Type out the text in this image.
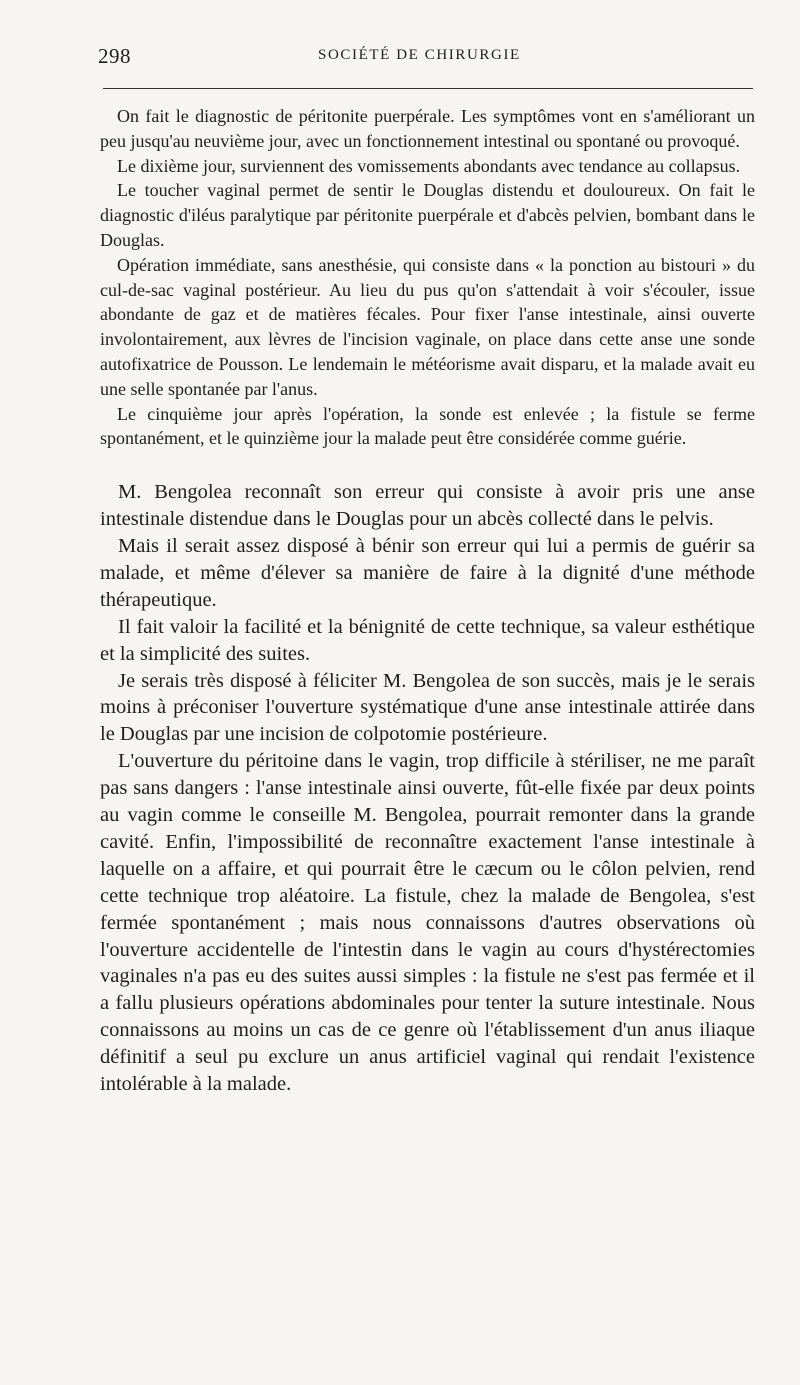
298	SOCIÉTÉ DE CHIRURGIE

On fait le diagnostic de péritonite puerpérale. Les symptômes vont en s'améliorant un peu jusqu'au neuvième jour, avec un fonctionnement intestinal ou spontané ou provoqué.

Le dixième jour, surviennent des vomissements abondants avec tendance au collapsus.

Le toucher vaginal permet de sentir le Douglas distendu et douloureux. On fait le diagnostic d'iléus paralytique par péritonite puerpérale et d'abcès pelvien, bombant dans le Douglas.

Opération immédiate, sans anesthésie, qui consiste dans « la ponction au bistouri » du cul-de-sac vaginal postérieur. Au lieu du pus qu'on s'attendait à voir s'écouler, issue abondante de gaz et de matières fécales. Pour fixer l'anse intestinale, ainsi ouverte involontairement, aux lèvres de l'incision vaginale, on place dans cette anse une sonde autofixatrice de Pousson. Le lendemain le météorisme avait disparu, et la malade avait eu une selle spontanée par l'anus.

Le cinquième jour après l'opération, la sonde est enlevée ; la fistule se ferme spontanément, et le quinzième jour la malade peut être considérée comme guérie.

M. Bengolea reconnaît son erreur qui consiste à avoir pris une anse intestinale distendue dans le Douglas pour un abcès collecté dans le pelvis.

Mais il serait assez disposé à bénir son erreur qui lui a permis de guérir sa malade, et même d'élever sa manière de faire à la dignité d'une méthode thérapeutique.

Il fait valoir la facilité et la bénignité de cette technique, sa valeur esthétique et la simplicité des suites.

Je serais très disposé à féliciter M. Bengolea de son succès, mais je le serais moins à préconiser l'ouverture systématique d'une anse intestinale attirée dans le Douglas par une incision de colpotomie postérieure.

L'ouverture du péritoine dans le vagin, trop difficile à stériliser, ne me paraît pas sans dangers : l'anse intestinale ainsi ouverte, fût-elle fixée par deux points au vagin comme le conseille M. Bengolea, pourrait remonter dans la grande cavité. Enfin, l'impossibilité de reconnaître exactement l'anse intestinale à laquelle on a affaire, et qui pourrait être le cæcum ou le côlon pelvien, rend cette technique trop aléatoire. La fistule, chez la malade de Bengolea, s'est fermée spontanément ; mais nous connaissons d'autres observations où l'ouverture accidentelle de l'intestin dans le vagin au cours d'hystérectomies vaginales n'a pas eu des suites aussi simples : la fistule ne s'est pas fermée et il a fallu plusieurs opérations abdominales pour tenter la suture intestinale. Nous connaissons au moins un cas de ce genre où l'établissement d'un anus iliaque définitif a seul pu exclure un anus artificiel vaginal qui rendait l'existence intolérable à la malade.
